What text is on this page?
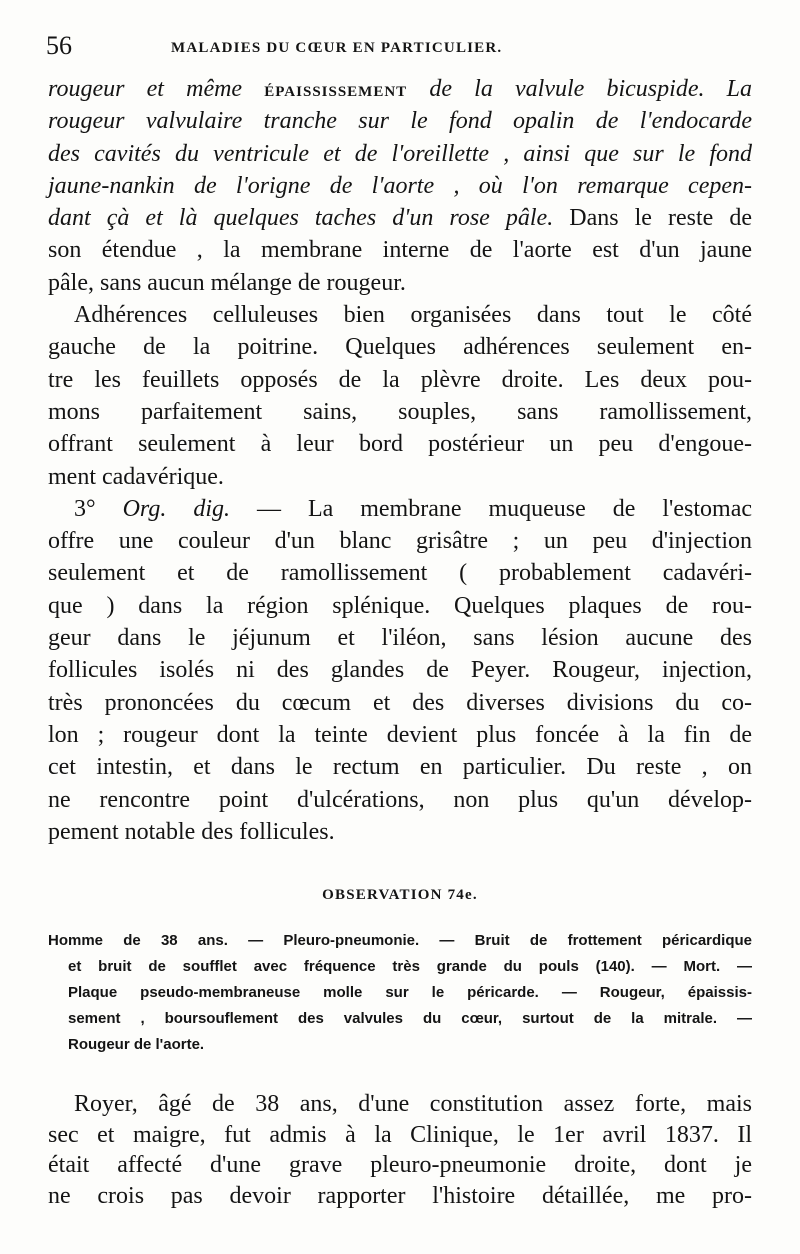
56	MALADIES DU CŒUR EN PARTICULIER.
rougeur et même ÉPAISSISSEMENT de la valvule bicuspide. La
rougeur valvulaire tranche sur le fond opalin de l'endocarde
des cavités du ventricule et de l'oreillette , ainsi que sur le fond
jaune-nankin de l'origne de l'aorte , où l'on remarque cepen-
dant çà et là quelques taches d'un rose pâle. Dans le reste de
son étendue , la membrane interne de l'aorte est d'un jaune
pâle, sans aucun mélange de rougeur.
Adhérences celluleuses bien organisées dans tout le côté
gauche de la poitrine. Quelques adhérences seulement en-
tre les feuillets opposés de la plèvre droite. Les deux pou-
mons parfaitement sains, souples, sans ramollissement,
offrant seulement à leur bord postérieur un peu d'engoue-
ment cadavérique.
3° Org. dig. — La membrane muqueuse de l'estomac
offre une couleur d'un blanc grisâtre ; un peu d'injection
seulement et de ramollissement ( probablement cadavéri-
que ) dans la région splénique. Quelques plaques de rou-
geur dans le jéjunum et l'iléon, sans lésion aucune des
follicules isolés ni des glandes de Peyer. Rougeur, injection,
très prononcées du cœcum et des diverses divisions du co-
lon ; rougeur dont la teinte devient plus foncée à la fin de
cet intestin, et dans le rectum en particulier. Du reste , on
ne rencontre point d'ulcérations, non plus qu'un dévelop-
pement notable des follicules.
OBSERVATION 74e.
Homme de 38 ans. — Pleuro-pneumonie. — Bruit de frottement péricardique
et bruit de soufflet avec fréquence très grande du pouls (140). — Mort. —
Plaque pseudo-membraneuse molle sur le péricarde. — Rougeur, épaissis-
sement , boursouflement des valvules du cœur, surtout de la mitrale. —
Rougeur de l'aorte.
Royer, âgé de 38 ans, d'une constitution assez forte, mais
sec et maigre, fut admis à la Clinique, le 1er avril 1837. Il
était affecté d'une grave pleuro-pneumonie droite, dont je
ne crois pas devoir rapporter l'histoire détaillée, me pro-
